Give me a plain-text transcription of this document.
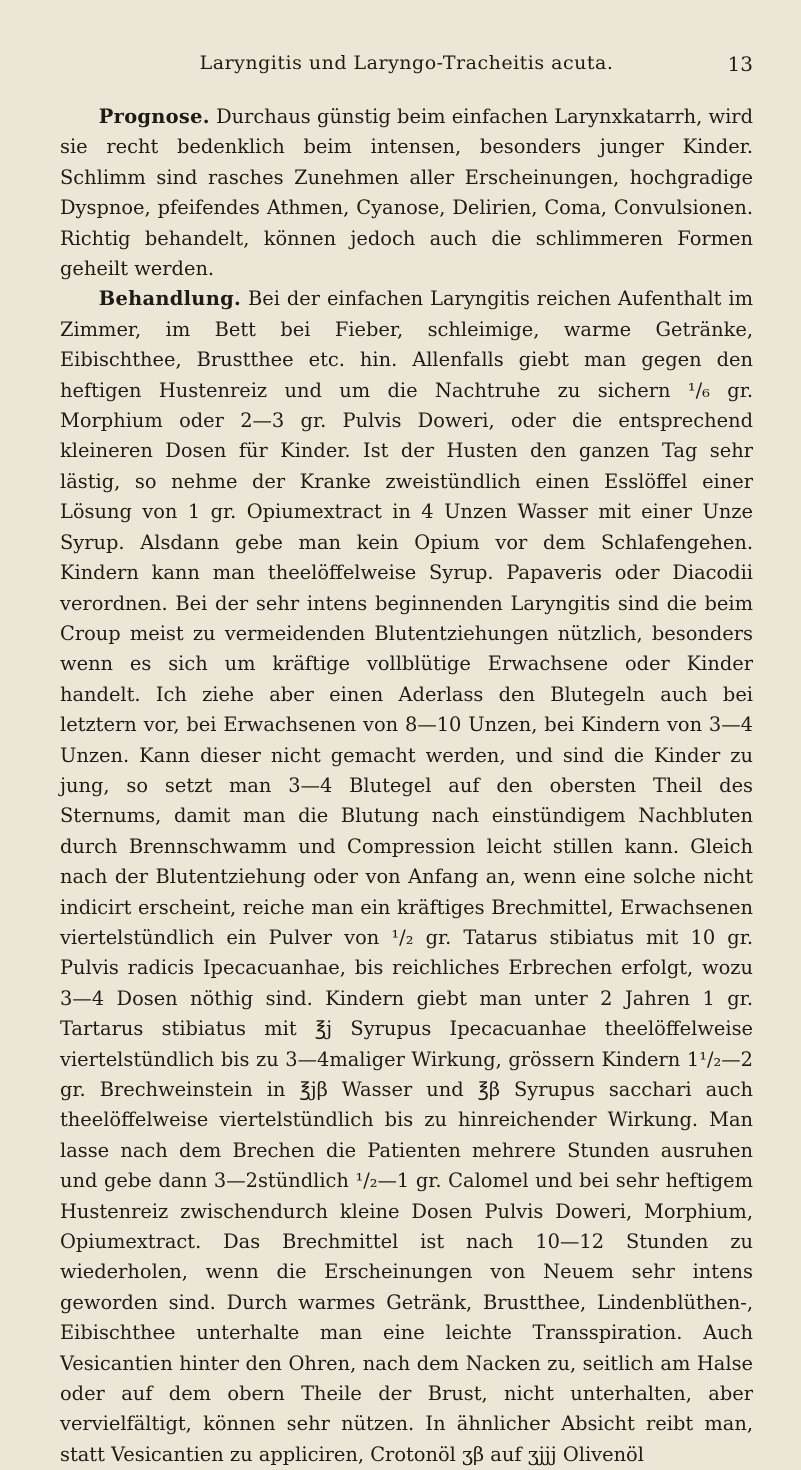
Laryngitis und Laryngo-Tracheitis acuta.	13

Prognose. Durchaus günstig beim einfachen Larynxkatarrh, wird sie recht bedenklich beim intensen, besonders junger Kinder. Schlimm sind rasches Zunehmen aller Erscheinungen, hochgradige Dyspnoe, pfeifendes Athmen, Cyanose, Delirien, Coma, Convulsionen. Richtig behandelt, können jedoch auch die schlimmeren Formen geheilt werden.

Behandlung. Bei der einfachen Laryngitis reichen Aufenthalt im Zimmer, im Bett bei Fieber, schleimige, warme Getränke, Eibischthee, Brustthee etc. hin. Allenfalls giebt man gegen den heftigen Hustenreiz und um die Nachtruhe zu sichern ¹/₆ gr. Morphium oder 2—3 gr. Pulvis Doweri, oder die entsprechend kleineren Dosen für Kinder. Ist der Husten den ganzen Tag sehr lästig, so nehme der Kranke zweistündlich einen Esslöffel einer Lösung von 1 gr. Opiumextract in 4 Unzen Wasser mit einer Unze Syrup. Alsdann gebe man kein Opium vor dem Schlafengehen. Kindern kann man theelöffelweise Syrup. Papaveris oder Diacodii verordnen. Bei der sehr intens beginnenden Laryngitis sind die beim Croup meist zu vermeidenden Blutentziehungen nützlich, besonders wenn es sich um kräftige vollblütige Erwachsene oder Kinder handelt. Ich ziehe aber einen Aderlass den Blutegeln auch bei letztern vor, bei Erwachsenen von 8—10 Unzen, bei Kindern von 3—4 Unzen. Kann dieser nicht gemacht werden, und sind die Kinder zu jung, so setzt man 3—4 Blutegel auf den obersten Theil des Sternums, damit man die Blutung nach einstündigem Nachbluten durch Brennschwamm und Compression leicht stillen kann. Gleich nach der Blutentziehung oder von Anfang an, wenn eine solche nicht indicirt erscheint, reiche man ein kräftiges Brechmittel, Erwachsenen viertelstündlich ein Pulver von ¹/₂ gr. Tatarus stibiatus mit 10 gr. Pulvis radicis Ipecacuanhae, bis reichliches Erbrechen erfolgt, wozu 3—4 Dosen nöthig sind. Kindern giebt man unter 2 Jahren 1 gr. Tartarus stibiatus mit ℥j Syrupus Ipecacuanhae theelöffelweise viertelstündlich bis zu 3—4maliger Wirkung, grössern Kindern 1¹/₂—2 gr. Brechweinstein in ℥jβ Wasser und ℥β Syrupus sacchari auch theelöffelweise viertelstündlich bis zu hinreichender Wirkung. Man lasse nach dem Brechen die Patienten mehrere Stunden ausruhen und gebe dann 3—2stündlich ¹/₂—1 gr. Calomel und bei sehr heftigem Hustenreiz zwischendurch kleine Dosen Pulvis Doweri, Morphium, Opiumextract. Das Brechmittel ist nach 10—12 Stunden zu wiederholen, wenn die Erscheinungen von Neuem sehr intens geworden sind. Durch warmes Getränk, Brustthee, Lindenblüthen-, Eibischthee unterhalte man eine leichte Transspiration. Auch Vesicantien hinter den Ohren, nach dem Nacken zu, seitlich am Halse oder auf dem obern Theile der Brust, nicht unterhalten, aber vervielfältigt, können sehr nützen. In ähnlicher Absicht reibt man, statt Vesicantien zu appliciren, Crotonöl ʒβ auf ʒjjj Olivenöl
